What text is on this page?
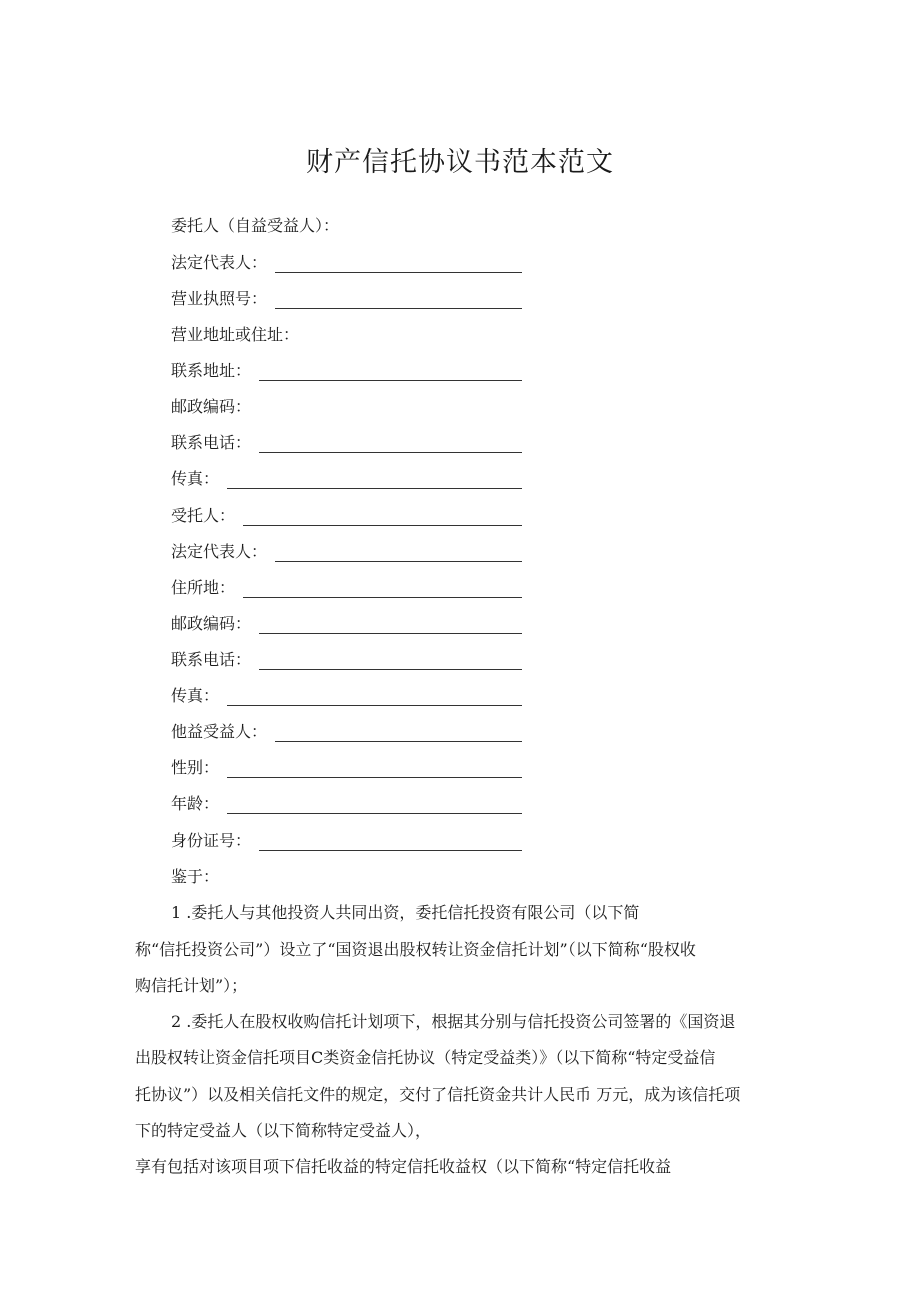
财产信托协议书范本范文
委托人（自益受益人）：
法定代表人：
营业执照号：
营业地址或住址：
联系地址：
邮政编码：
联系电话：
传真：
受托人：
法定代表人：
住所地：
邮政编码：
联系电话：
传真：
他益受益人：
性别：
年龄：
身份证号：
鉴于：
1 .委托人与其他投资人共同出资，委托信托投资有限公司（以下简
称“信托投资公司”）设立了“国资退出股权转让资金信托计划”（以下简称“股权收
购信托计划”）；
2 .委托人在股权收购信托计划项下，根据其分别与信托投资公司签署的《国资退
出股权转让资金信托项目C类资金信托协议（特定受益类）》（以下简称“特定受益信
托协议”）以及相关信托文件的规定，交付了信托资金共计人民币 万元，成为该信托项
下的特定受益人（以下简称特定受益人），
享有包括对该项目项下信托收益的特定信托收益权（以下简称“特定信托收益
